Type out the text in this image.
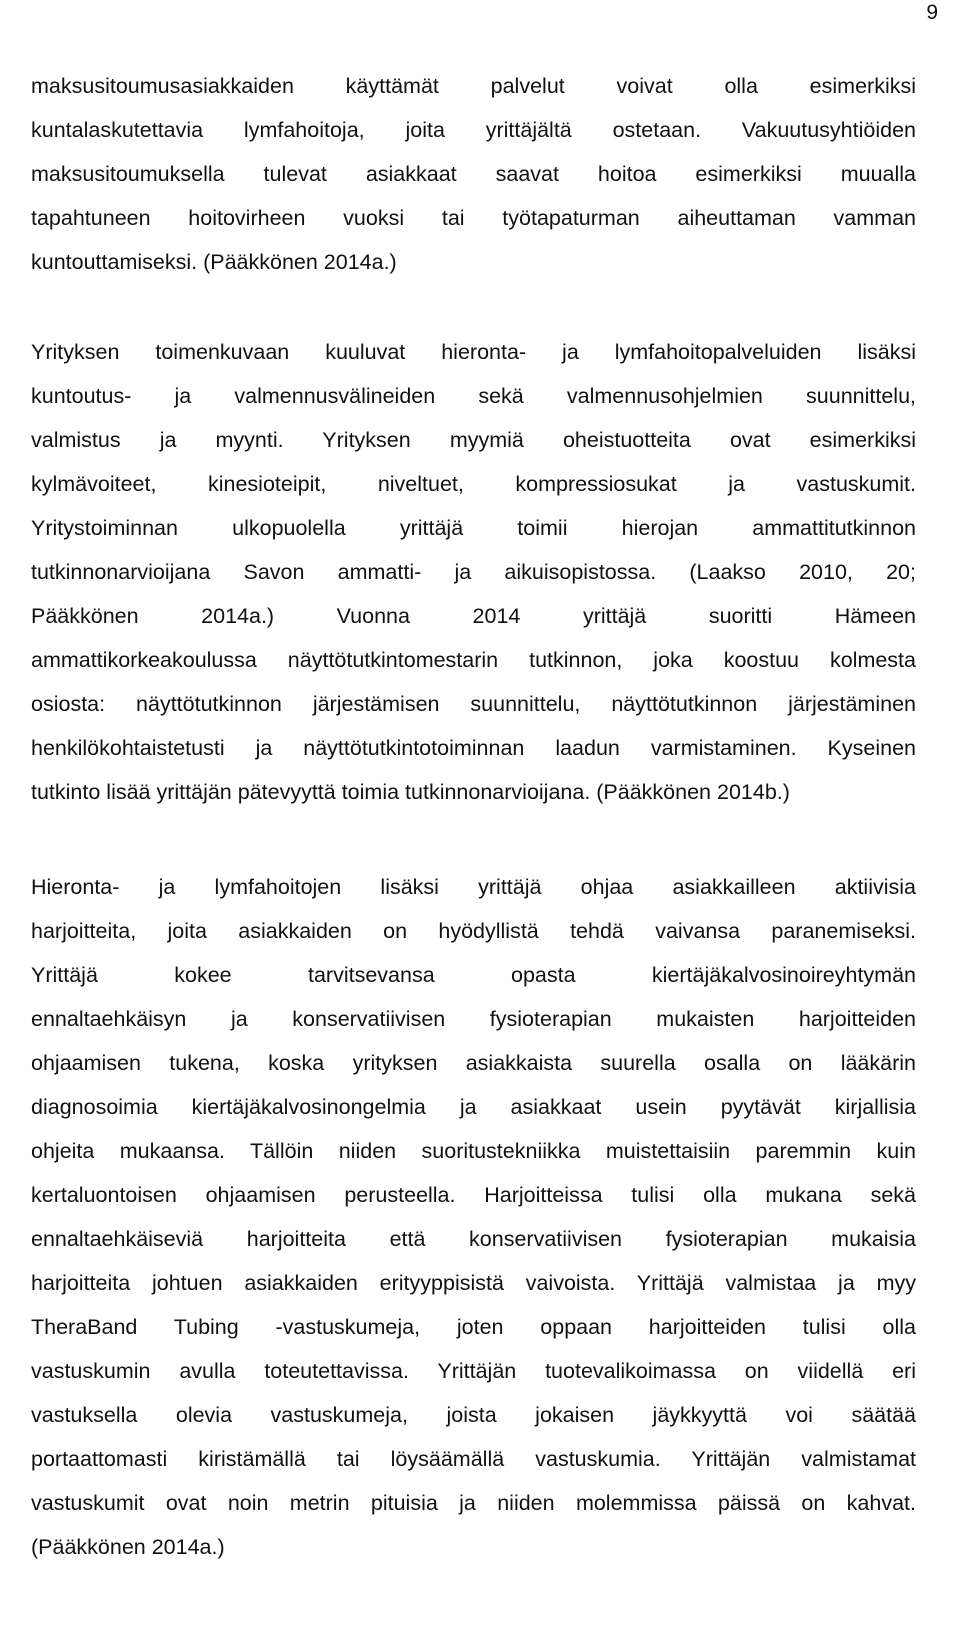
9
maksusitoumusasiakkaiden käyttämät palvelut voivat olla esimerkiksi
kuntalaskutettavia lymfahoitoja, joita yrittäjältä ostetaan. Vakuutusyhtiöiden
maksusitoumuksella tulevat asiakkaat saavat hoitoa esimerkiksi muualla
tapahtuneen hoitovirheen vuoksi tai työtapaturman aiheuttaman vamman
kuntouttamiseksi. (Pääkkönen 2014a.)
Yrityksen toimenkuvaan kuuluvat hieronta- ja lymfahoitopalveluiden lisäksi
kuntoutus- ja valmennusvälineiden sekä valmennusohjelmien suunnittelu,
valmistus ja myynti. Yrityksen myymiä oheistuotteita ovat esimerkiksi
kylmävoiteet, kinesioteipit, niveltuet, kompressiosukat ja vastuskumit.
Yritystoiminnan ulkopuolella yrittäjä toimii hierojan ammattitutkinnon
tutkinnonarvioijana Savon ammatti- ja aikuisopistossa. (Laakso 2010, 20;
Pääkkönen 2014a.) Vuonna 2014 yrittäjä suoritti Hämeen
ammattikorkeakoulussa näyttötutkintomestarin tutkinnon, joka koostuu kolmesta
osiosta: näyttötutkinnon järjestämisen suunnittelu, näyttötutkinnon järjestäminen
henkilökohtaistetusti ja näyttötutkintotoiminnan laadun varmistaminen. Kyseinen
tutkinto lisää yrittäjän pätevyyttä toimia tutkinnonarvioijana. (Pääkkönen 2014b.)
Hieronta- ja lymfahoitojen lisäksi yrittäjä ohjaa asiakkailleen aktiivisia
harjoitteita, joita asiakkaiden on hyödyllistä tehdä vaivansa paranemiseksi.
Yrittäjä kokee tarvitsevansa opasta kiertäjäkalvosinoireyhtymän
ennaltaehkäisyn ja konservatiivisen fysioterapian mukaisten harjoitteiden
ohjaamisen tukena, koska yrityksen asiakkaista suurella osalla on lääkärin
diagnosoimia kiertäjäkalvosinongelmia ja asiakkaat usein pyytävät kirjallisia
ohjeita mukaansa. Tällöin niiden suoritustekniikka muistettaisiin paremmin kuin
kertaluontoisen ohjaamisen perusteella. Harjoitteissa tulisi olla mukana sekä
ennaltaehkäiseviä harjoitteita että konservatiivisen fysioterapian mukaisia
harjoitteita johtuen asiakkaiden erityyppisistä vaivoista. Yrittäjä valmistaa ja myy
TheraBand Tubing -vastuskumeja, joten oppaan harjoitteiden tulisi olla
vastuskumin avulla toteutettavissa. Yrittäjän tuotevalikoimassa on viidellä eri
vastuksella olevia vastuskumeja, joista jokaisen jäykkyyttä voi säätää
portaattomasti kiristämällä tai löysäämällä vastuskumia. Yrittäjän valmistamat
vastuskumit ovat noin metrin pituisia ja niiden molemmissa päissä on kahvat.
(Pääkkönen 2014a.)
